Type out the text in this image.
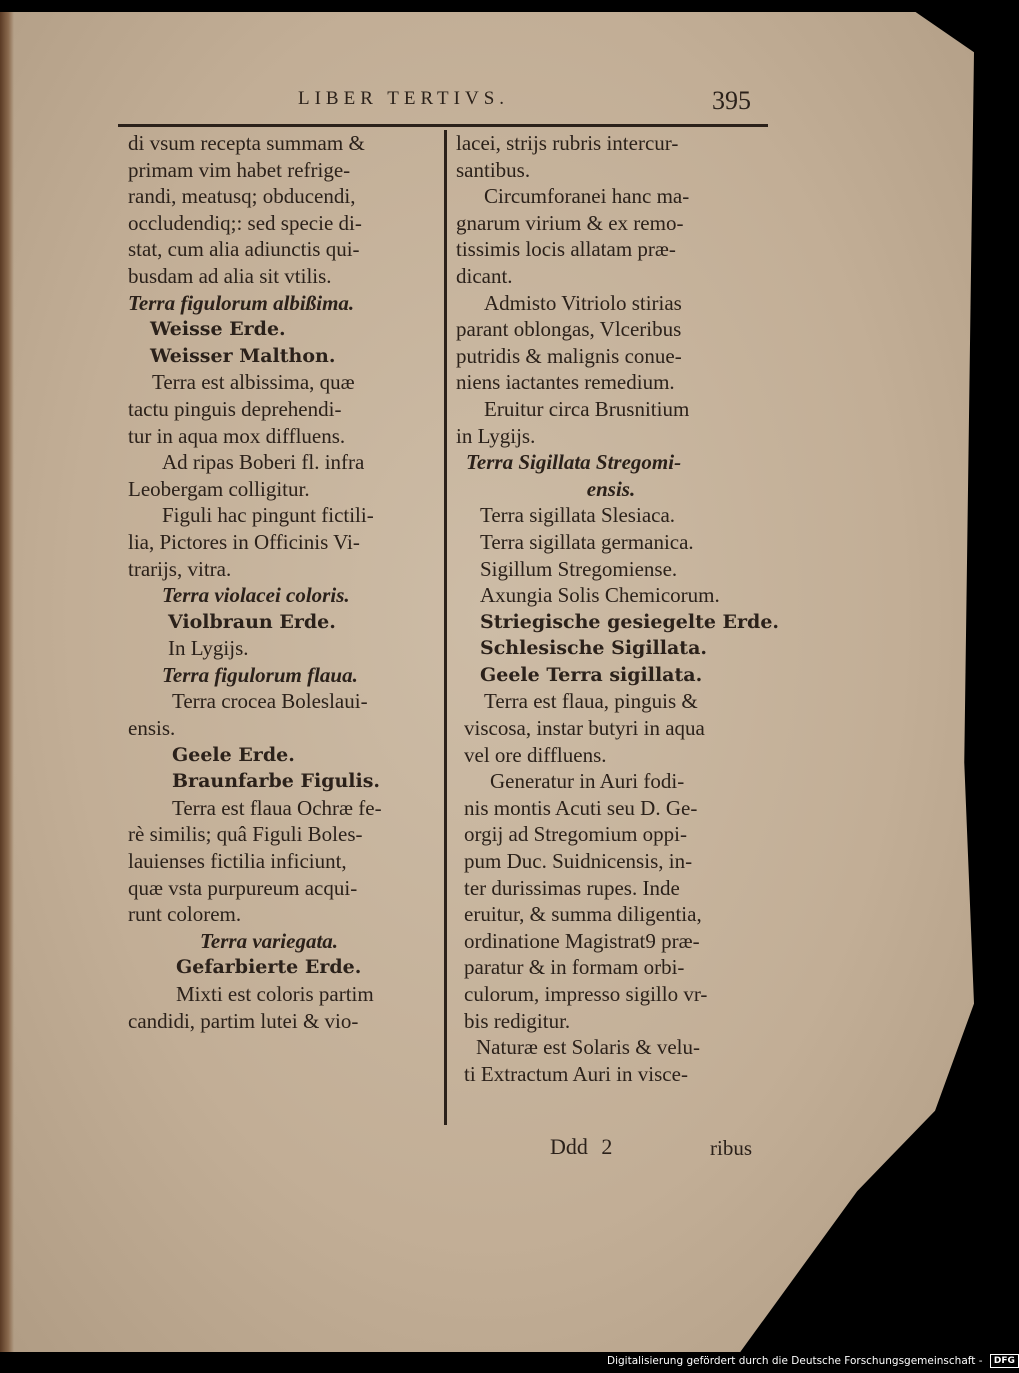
LIBER TERTIVS.	395
di vsum recepta summam &
primam vim habet refrige-
randi, meatusq; obducendi,
occludendiq;: sed specie di-
stat, cum alia adiunctis qui-
busdam ad alia sit vtilis.
Terra figulorum albißima.
Weisse Erde.
Weisser Malthon.
Terra est albissima, quæ
tactu pinguis deprehendi-
tur in aqua mox diffluens.
Ad ripas Boberi fl. infra
Leobergam colligitur.
Figuli hac pingunt fictili-
lia, Pictores in Officinis Vi-
trarijs, vitra.
Terra violacei coloris.
Violbraun Erde.
In Lygijs.
Terra figulorum flaua.
Terra crocea Boleslaui-
ensis.
Geele Erde.
Braunfarbe Figulis.
Terra est flaua Ochræ fe-
rè similis; quâ Figuli Boles-
lauienses fictilia inficiunt,
quæ vsta purpureum acqui-
runt colorem.
Terra variegata.
Gefarbierte Erde.
Mixti est coloris partim
candidi, partim lutei & vio-
lacei, strijs rubris intercur-
santibus.
Circumforanei hanc ma-
gnarum virium & ex remo-
tissimis locis allatam præ-
dicant.
Admisto Vitriolo stirias
parant oblongas, Vlceribus
putridis & malignis conue-
niens iactantes remedium.
Eruitur circa Brusnitium
in Lygijs.
Terra Sigillata Stregomi-
ensis.
Terra sigillata Slesiaca.
Terra sigillata germanica.
Sigillum Stregomiense.
Axungia Solis Chemicorum.
Striegische gesiegelte Erde.
Schlesische Sigillata.
Geele Terra sigillata.
Terra est flaua, pinguis &
viscosa, instar butyri in aqua
vel ore diffluens.
Generatur in Auri fodi-
nis montis Acuti seu D. Ge-
orgij ad Stregomium oppi-
pum Duc. Suidnicensis, in-
ter durissimas rupes. Inde
eruitur, & summa diligentia,
ordinatione Magistrat9 præ-
paratur & in formam orbi-
culorum, impresso sigillo vr-
bis redigitur.
Naturæ est Solaris & velu-
ti Extractum Auri in visce-
Ddd 2	ribus
Digitalisierung gefördert durch die Deutsche Forschungsgemeinschaft - DFG
